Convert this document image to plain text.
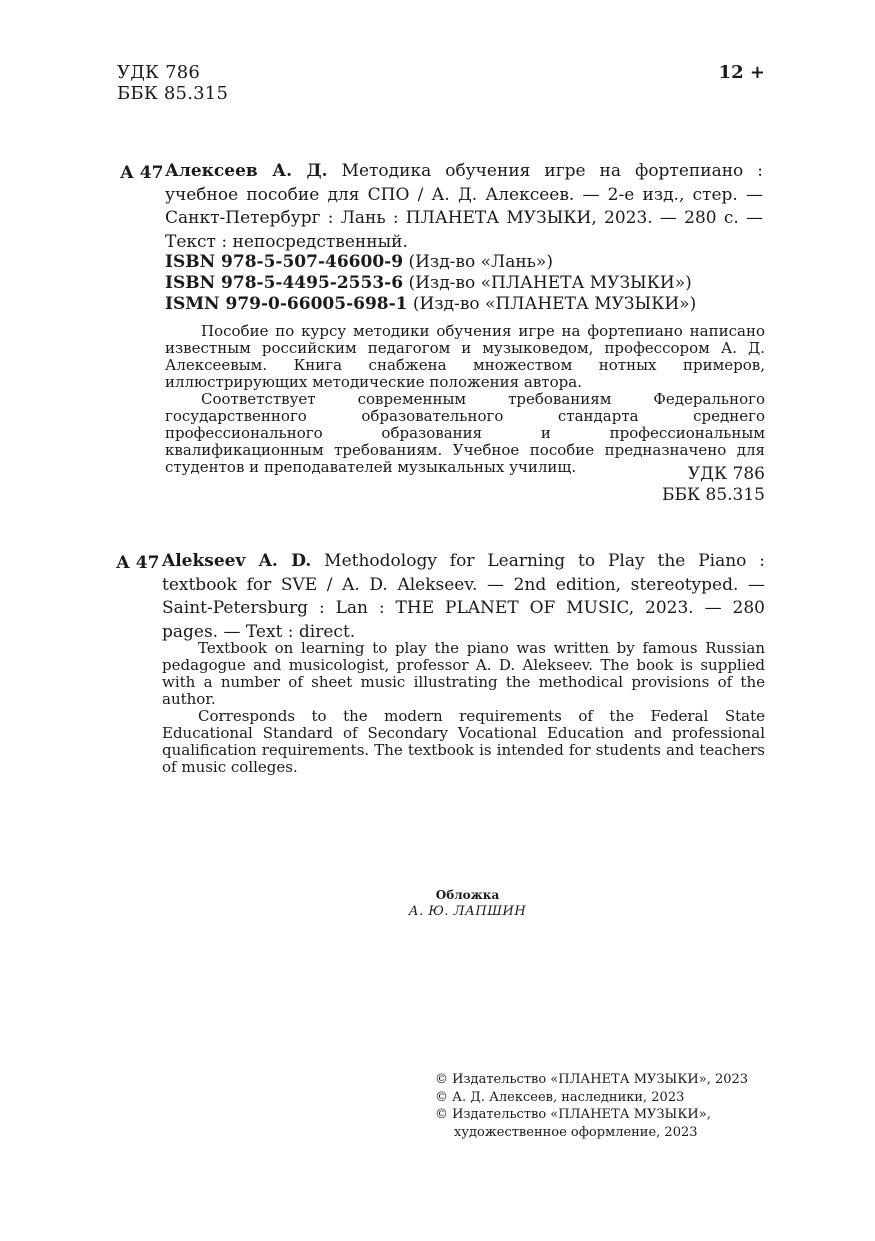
УДК 786
ББК 85.315
12 +
А 47 Алексеев А. Д. Методика обучения игре на фортепиано : учебное пособие для СПО / А. Д. Алексеев. — 2-е изд., стер. — Санкт-Петербург : Лань : ПЛАНЕТА МУЗЫКИ, 2023. — 280 с. — Текст : непосредственный.

ISBN 978-5-507-46600-9 (Изд-во «Лань»)
ISBN 978-5-4495-2553-6 (Изд-во «ПЛАНЕТА МУЗЫКИ»)
ISMN 979-0-66005-698-1 (Изд-во «ПЛАНЕТА МУЗЫКИ»)

Пособие по курсу методики обучения игре на фортепиано написано известным российским педагогом и музыковедом, профессором А. Д. Алексеевым. Книга снабжена множеством нотных примеров, иллюстрирующих методические положения автора.

Соответствует современным требованиям Федерального государственного образовательного стандарта среднего профессионального образования и профессиональным квалификационным требованиям. Учебное пособие предназначено для студентов и преподавателей музыкальных училищ.	УДК 786
ББК 85.315
А 47 Alekseev A. D. Methodology for Learning to Play the Piano : textbook for SVE / A. D. Alekseev. — 2nd edition, stereotyped. — Saint-Petersburg : Lan : THE PLANET OF MUSIC, 2023. — 280 pages. — Text : direct.

Textbook on learning to play the piano was written by famous Russian pedagogue and musicologist, professor A. D. Alekseev. The book is supplied with a number of sheet music illustrating the methodical provisions of the author.

Corresponds to the modern requirements of the Federal State Educational Standard of Secondary Vocational Education and professional qualification requirements. The textbook is intended for students and teachers of music colleges.

Обложка
А. Ю. ЛАПШИН
© Издательство «ПЛАНЕТА МУЗЫКИ», 2023
© А. Д. Алексеев, наследники, 2023
© Издательство «ПЛАНЕТА МУЗЫКИ»,
художественное оформление, 2023
